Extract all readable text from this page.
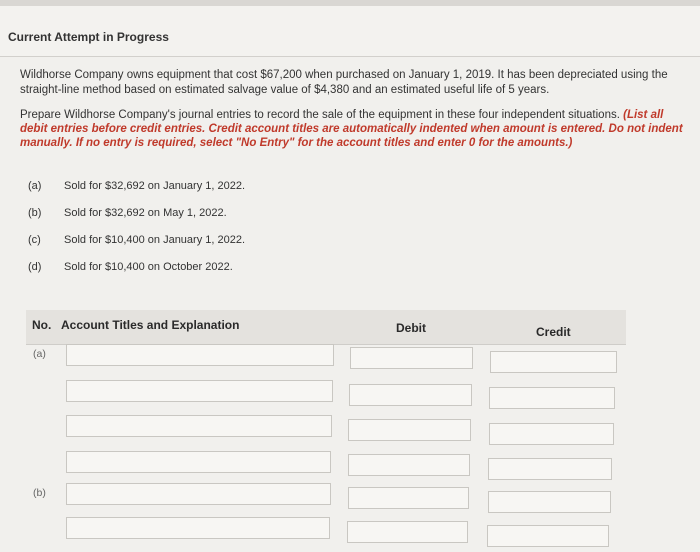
Current Attempt in Progress
Wildhorse Company owns equipment that cost $67,200 when purchased on January 1, 2019. It has been depreciated using the straight-line method based on estimated salvage value of $4,380 and an estimated useful life of 5 years.
Prepare Wildhorse Company's journal entries to record the sale of the equipment in these four independent situations. (List all debit entries before credit entries. Credit account titles are automatically indented when amount is entered. Do not indent manually. If no entry is required, select "No Entry" for the account titles and enter 0 for the amounts.)
(a) Sold for $32,692 on January 1, 2022.
(b) Sold for $32,692 on May 1, 2022.
(c) Sold for $10,400 on January 1, 2022.
(d) Sold for $10,400 on October 2022.
No. Account Titles and Explanation	Debit	Credit
(a)
(b)
